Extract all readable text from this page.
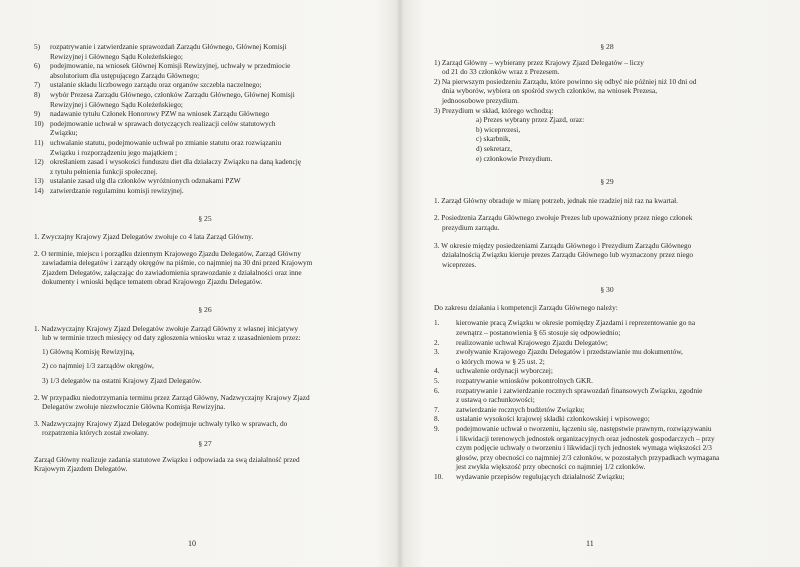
5)	rozpatrywanie i zatwierdzanie sprawozdań Zarządu Głównego, Głównej Komisji
Rewizyjnej i Głównego Sądu Koleżeńskiego;
6)	podejmowanie, na wniosek Głównej Komisji Rewizyjnej, uchwały w przedmiocie
absolutorium dla ustępującego Zarządu Głównego;
7)	ustalanie składu liczbowego zarządu oraz organów szczebla naczelnego;
8)	wybór Prezesa Zarządu Głównego, członków Zarządu Głównego, Głównej Komisji
Rewizyjnej i Głównego Sądu Koleżeńskiego;
9)	nadawanie tytułu Członek Honorowy PZW na wniosek Zarządu Głównego
10) podejmowanie uchwał w sprawach dotyczących realizacji celów statutowych
Związku;
11) uchwalanie statutu, podejmowanie uchwał po zmianie statutu oraz rozwiązaniu
Związku i rozporządzeniu jego majątkiem ;
12) określaniem zasad i wysokości funduszu diet dla działaczy Związku na daną kadencję
z tytułu pełnienia funkcji społecznej.
13) ustalanie zasad ulg dla członków wyróżnionych odznakami PZW
14) zatwierdzanie regulaminu komisji rewizyjnej.

§ 25

1. Zwyczajny Krajowy Zjazd Delegatów zwołuje co 4 lata Zarząd Główny.

2. O terminie, miejscu i porządku dziennym Krajowego Zjazdu Delegatów, Zarząd Główny
zawiadamia delegatów i zarządy okręgów na piśmie, co najmniej na 30 dni przed Krajowym
Zjazdem Delegatów, załączając do zawiadomienia sprawozdanie z działalności oraz inne
dokumenty i wnioski będące tematem obrad Krajowego Zjazdu Delegatów.

§ 26

1. Nadzwyczajny Krajowy Zjazd Delegatów zwołuje Zarząd Główny z własnej inicjatywy
lub w terminie trzech miesięcy od daty zgłoszenia wniosku wraz z uzasadnieniem przez:
1) Główną Komisję Rewizyjną,
2) co najmniej 1/3 zarządów okręgów,
3) 1/3 delegatów na ostatni Krajowy Zjazd Delegatów.
2. W przypadku niedotrzymania terminu przez Zarząd Główny, Nadzwyczajny Krajowy Zjazd
Delegatów zwołuje niezwłocznie Główna Komisja Rewizyjna.
3. Nadzwyczajny Krajowy Zjazd Delegatów podejmuje uchwały tylko w sprawach, do
rozpatrzenia których został zwołany.

§ 27

Zarząd Główny realizuje zadania statutowe Związku i odpowiada za swą działalność przed
Krajowym Zjazdem Delegatów.
10

§ 28

1) Zarząd Główny – wybierany przez Krajowy Zjazd Delegatów – liczy
od 21 do 33 członków wraz z Prezesem.
2) Na pierwszym posiedzeniu Zarządu, które powinno się odbyć nie później niż 10 dni od
dnia wyborów, wybiera on spośród swych członków, na wniosek Prezesa,
jednoosobowe prezydium.
3) Prezydium w skład, którego wchodzą:
a) Prezes wybrany przez Zjazd, oraz:
b) wiceprezesi,
c) skarbnik,
d) sekretarz,
e) członkowie Prezydium.

§ 29

1. Zarząd Główny obraduje w miarę potrzeb, jednak nie rzadziej niż raz na kwartał.

2. Posiedzenia Zarządu Głównego zwołuje Prezes lub upoważniony przez niego członek
prezydium zarządu.
3. W okresie między posiedzeniami Zarządu Głównego i Prezydium Zarządu Głównego
działalnością Związku kieruje prezes Zarządu Głównego lub wyznaczony przez niego
wiceprezes.

§ 30

Do zakresu działania i kompetencji Zarządu Głównego należy:

1.	kierowanie pracą Związku w okresie pomiędzy Zjazdami i reprezentowanie go na
zewnątrz – postanowienia § 65 stosuje się odpowiednio;
2.	realizowanie uchwał Krajowego Zjazdu Delegatów;
3.	zwoływanie Krajowego Zjazdu Delegatów i przedstawianie mu dokumentów,
o których mowa w § 25 ust. 2;
4.	uchwalenie ordynacji wyborczej;
5.	rozpatrywanie wniosków pokontrolnych GKR.
6.	rozpatrywanie i zatwierdzanie rocznych sprawozdań finansowych Związku, zgodnie
z ustawą o rachunkowości;
7.	zatwierdzanie rocznych budżetów Związku;
8.	ustalanie wysokości krajowej składki członkowskiej i wpisowego;
9.	podejmowanie uchwał o tworzeniu, łączeniu się, następstwie prawnym, rozwiązywaniu
i likwidacji terenowych jednostek organizacyjnych oraz jednostek gospodarczych – przy
czym podjęcie uchwały o tworzeniu i likwidacji tych jednostek wymaga większości 2/3
głosów, przy obecności co najmniej 2/3 członków, w pozostałych przypadkach wymagana
jest zwykła większość przy obecności co najmniej 1/2 członków.
10.	wydawanie przepisów regulujących działalność Związku;
11
